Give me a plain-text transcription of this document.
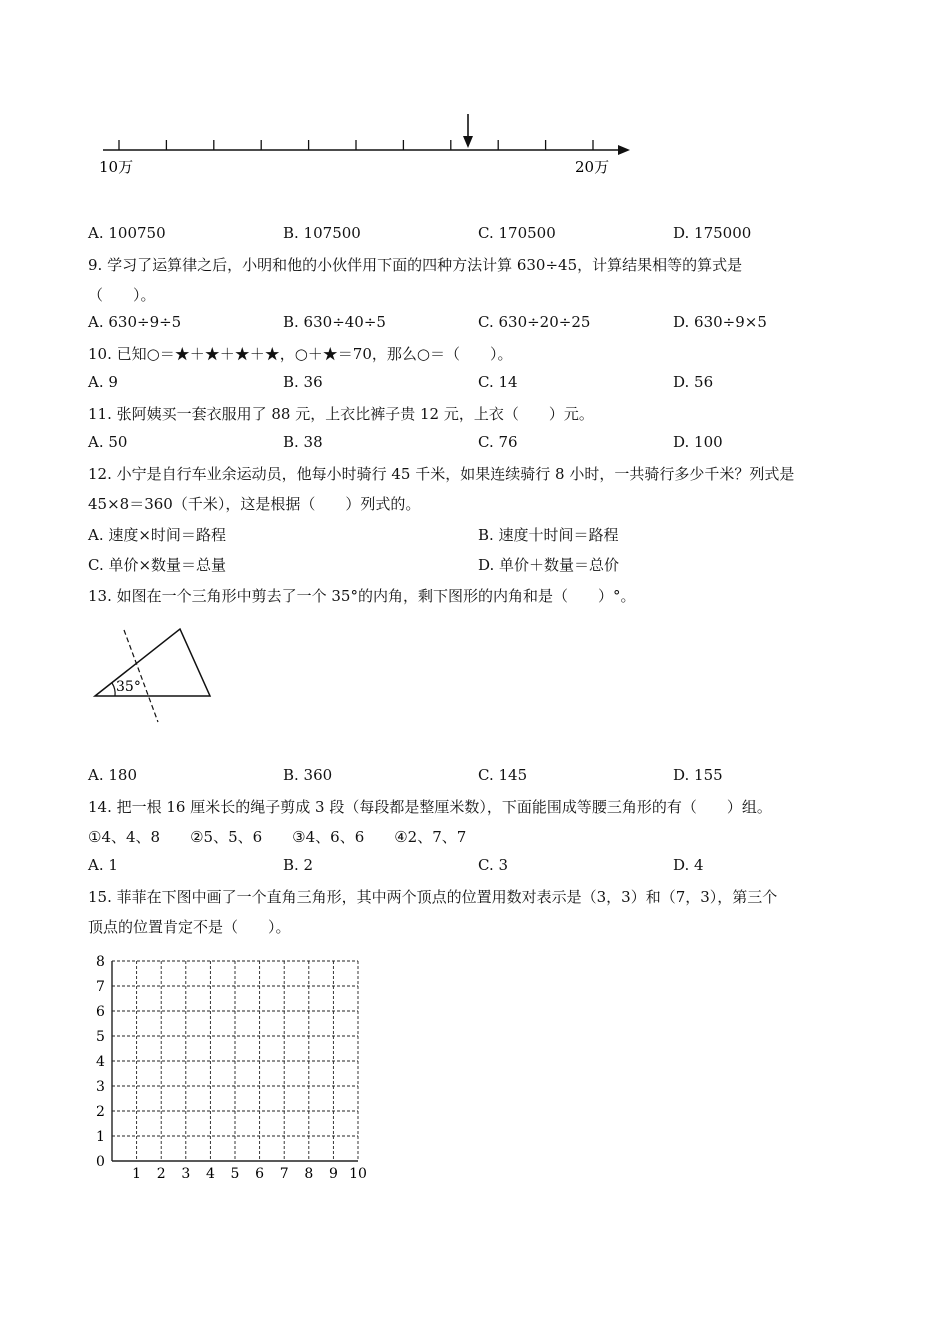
10万	20万
A. 100750	B. 107500	C. 170500	D. 175000
9. 学习了运算律之后，小明和他的小伙伴用下面的四种方法计算 630÷45，计算结果相等的算式是
（　　）。
A. 630÷9÷5	B. 630÷40÷5	C. 630÷20÷25	D. 630÷9×5
10. 已知○＝★＋★＋★＋★，○＋★＝70，那么○＝（　　）。
A. 9	B. 36	C. 14	D. 56
11. 张阿姨买一套衣服用了 88 元，上衣比裤子贵 12 元，上衣（　　）元。
A. 50	B. 38	C. 76	D. 100
12. 小宁是自行车业余运动员，他每小时骑行 45 千米，如果连续骑行 8 小时，一共骑行多少千米？列式是
45×8＝360（千米），这是根据（　　）列式的。
A. 速度×时间＝路程	B. 速度十时间＝路程
C. 单价×数量＝总量	D. 单价＋数量＝总价
13. 如图在一个三角形中剪去了一个 35°的内角，剩下图形的内角和是（　　）°。
35°
A. 180	B. 360	C. 145	D. 155
14. 把一根 16 厘米长的绳子剪成 3 段（每段都是整厘米数），下面能围成等腰三角形的有（　　）组。
①4、4、8　　②5、5、6　　③4、6、6　　④2、7、7
A. 1	B. 2	C. 3	D. 4
15. 菲菲在下图中画了一个直角三角形，其中两个顶点的位置用数对表示是（3，3）和（7，3），第三个
顶点的位置肯定不是（　　）。
0
1
2
3
4
5
6
7
8
1 2 3 4 5 6 7 8 9 10
